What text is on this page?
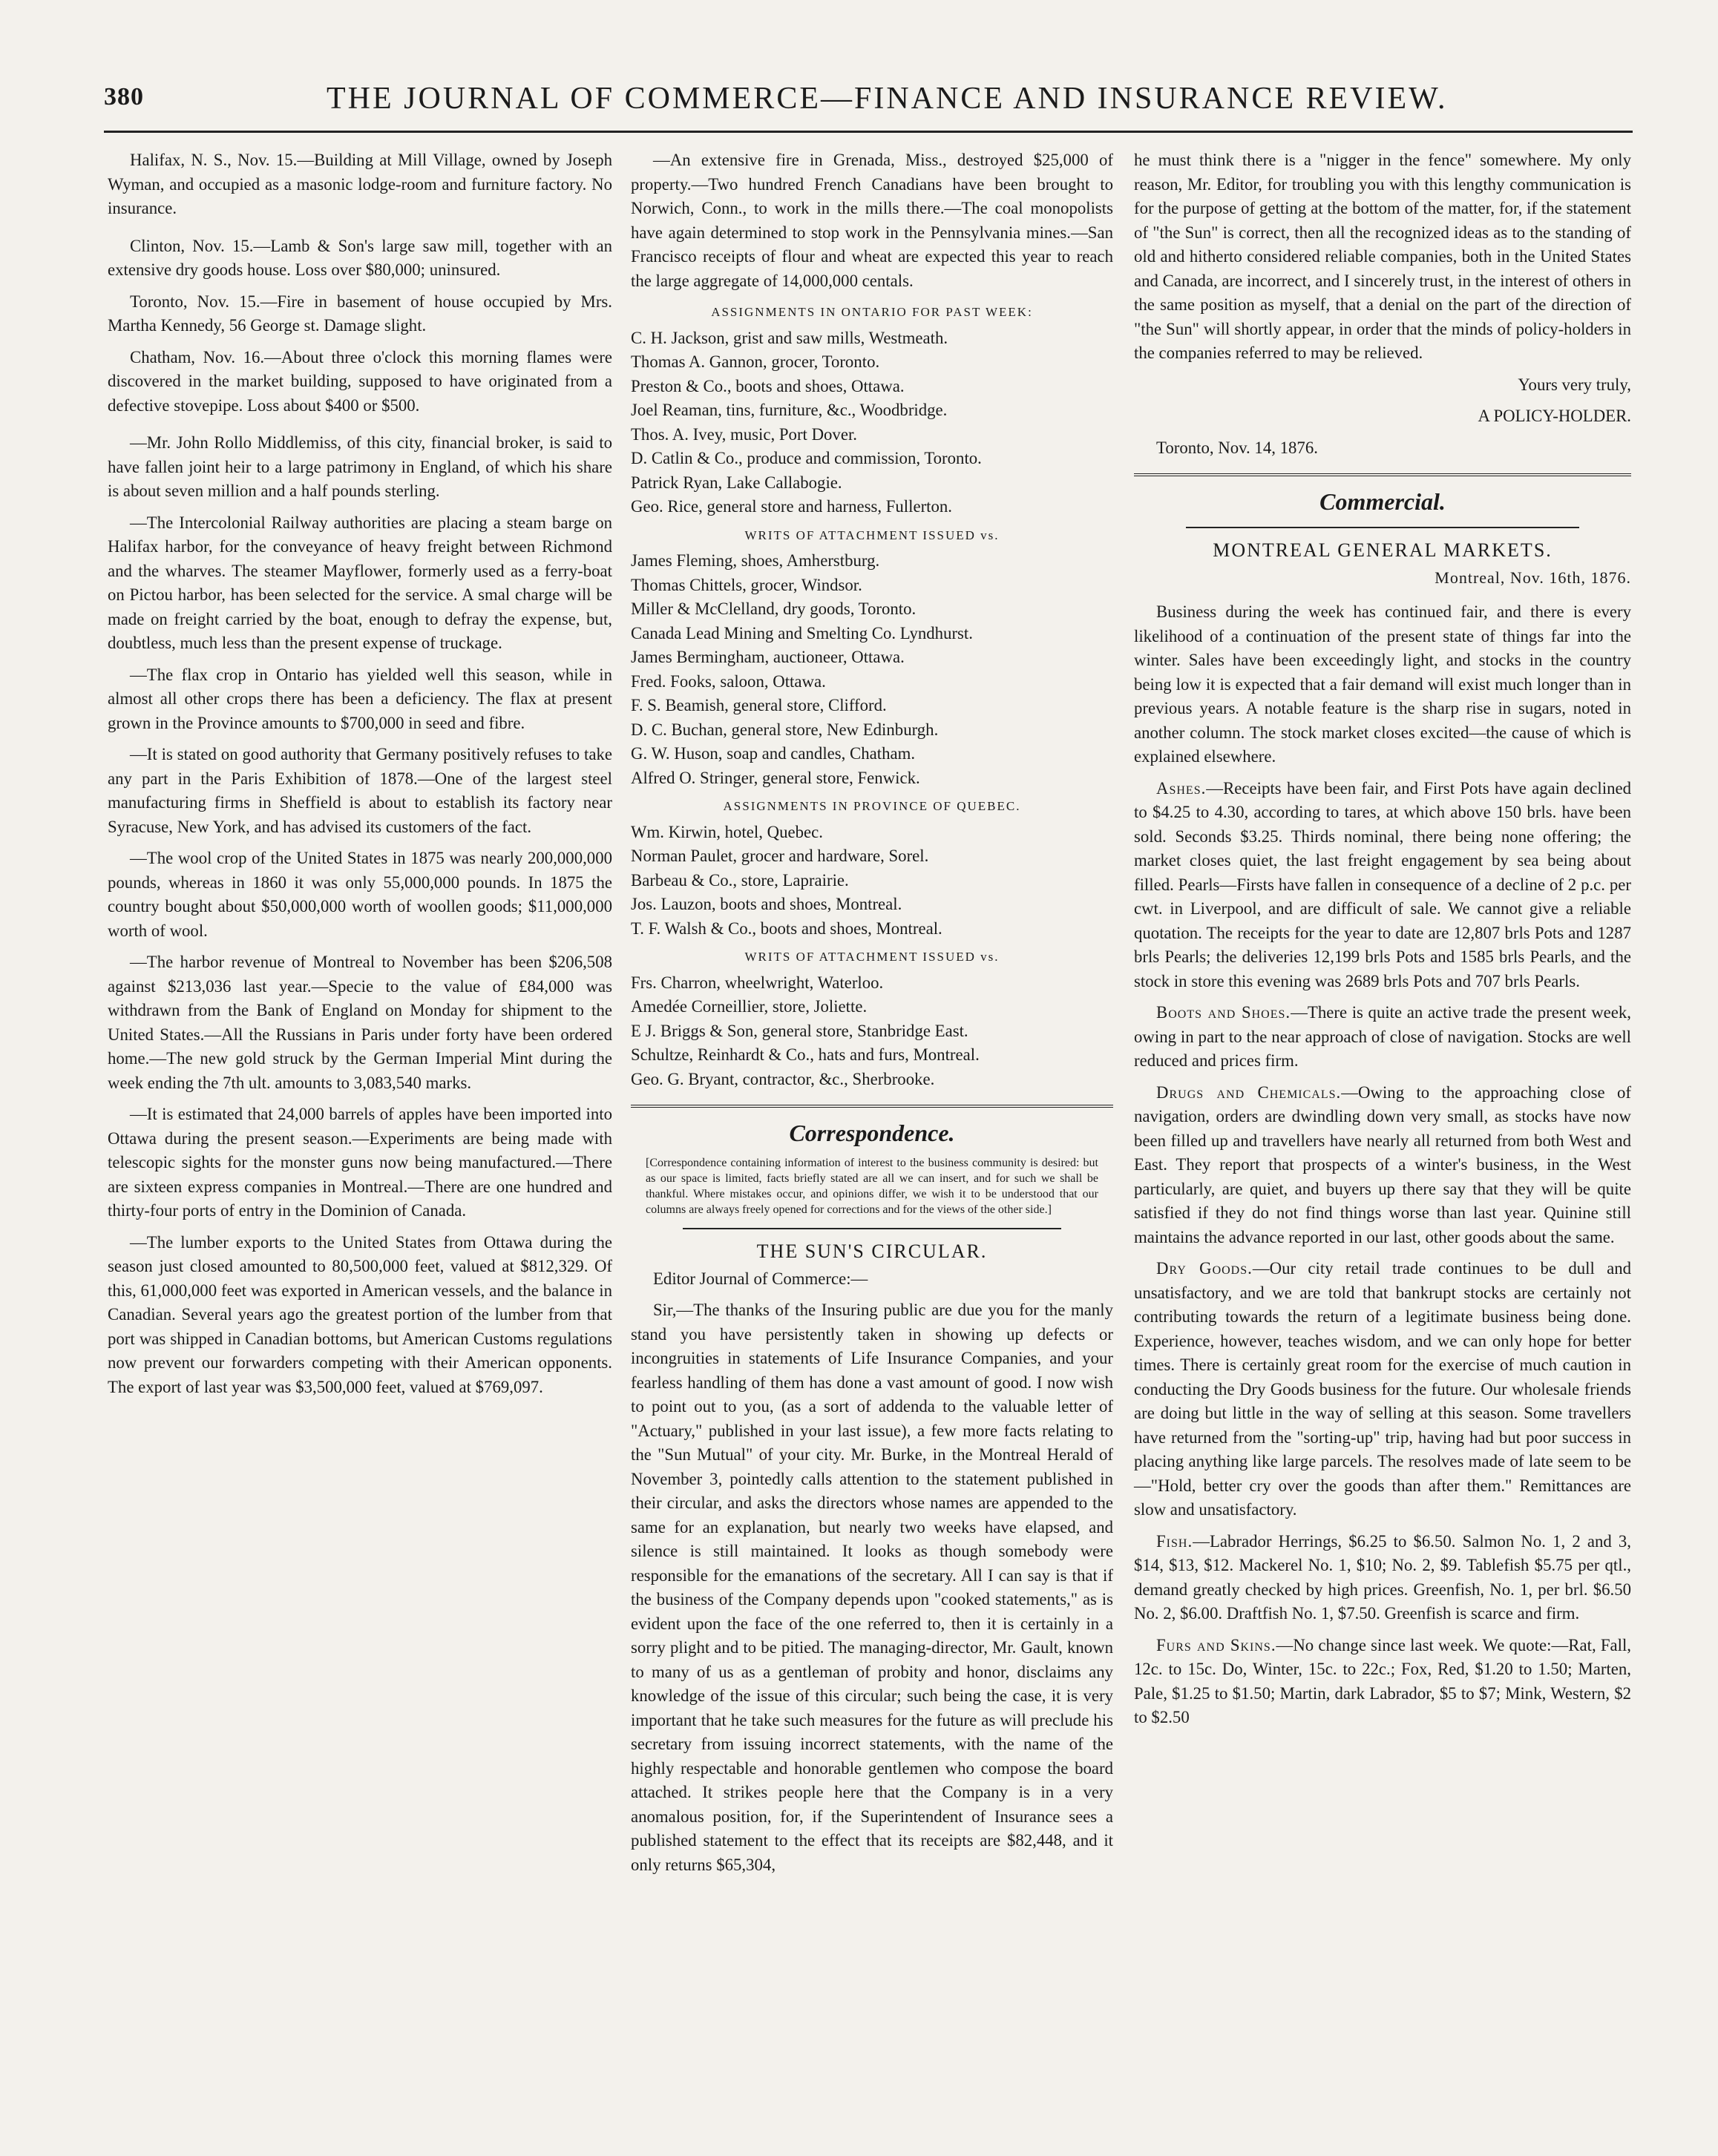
380	THE JOURNAL OF COMMERCE—FINANCE AND INSURANCE REVIEW.

Halifax, N. S., Nov. 15.—Building at Mill Village, owned by Joseph Wyman, and occupied as a masonic lodge-room and furniture factory. No insurance.

Clinton, Nov. 15.—Lamb & Son's large saw mill, together with an extensive dry goods house. Loss over $80,000; uninsured.

Toronto, Nov. 15.—Fire in basement of house occupied by Mrs. Martha Kennedy, 56 George st. Damage slight.

Chatham, Nov. 16.—About three o'clock this morning flames were discovered in the market building, supposed to have originated from a defective stovepipe. Loss about $400 or $500.

—Mr. John Rollo Middlemiss, of this city, financial broker, is said to have fallen joint heir to a large patrimony in England, of which his share is about seven million and a half pounds sterling.

—The Intercolonial Railway authorities are placing a steam barge on Halifax harbor, for the conveyance of heavy freight between Richmond and the wharves. The steamer Mayflower, formerly used as a ferry-boat on Pictou harbor, has been selected for the service. A smal charge will be made on freight carried by the boat, enough to defray the expense, but, doubtless, much less than the present expense of truckage.

—The flax crop in Ontario has yielded well this season, while in almost all other crops there has been a deficiency. The flax at present grown in the Province amounts to $700,000 in seed and fibre.

—It is stated on good authority that Germany positively refuses to take any part in the Paris Exhibition of 1878.—One of the largest steel manufacturing firms in Sheffield is about to establish its factory near Syracuse, New York, and has advised its customers of the fact.

—The wool crop of the United States in 1875 was nearly 200,000,000 pounds, whereas in 1860 it was only 55,000,000 pounds. In 1875 the country bought about $50,000,000 worth of woollen goods; $11,000,000 worth of wool.

—The harbor revenue of Montreal to November has been $206,508 against $213,036 last year.—Specie to the value of £84,000 was withdrawn from the Bank of England on Monday for shipment to the United States.—All the Russians in Paris under forty have been ordered home.—The new gold struck by the German Imperial Mint during the week ending the 7th ult. amounts to 3,083,540 marks.

—It is estimated that 24,000 barrels of apples have been imported into Ottawa during the present season.—Experiments are being made with telescopic sights for the monster guns now being manufactured.—There are sixteen express companies in Montreal.—There are one hundred and thirty-four ports of entry in the Dominion of Canada.

—The lumber exports to the United States from Ottawa during the season just closed amounted to 80,500,000 feet, valued at $812,329. Of this, 61,000,000 feet was exported in American vessels, and the balance in Canadian. Several years ago the greatest portion of the lumber from that port was shipped in Canadian bottoms, but American Customs regulations now prevent our forwarders competing with their American opponents. The export of last year was $3,500,000 feet, valued at $769,097.

—An extensive fire in Grenada, Miss., destroyed $25,000 of property.—Two hundred French Canadians have been brought to Norwich, Conn., to work in the mills there.—The coal monopolists have again determined to stop work in the Pennsylvania mines.—San Francisco receipts of flour and wheat are expected this year to reach the large aggregate of 14,000,000 centals.

ASSIGNMENTS IN ONTARIO FOR PAST WEEK:
C. H. Jackson, grist and saw mills, Westmeath.
Thomas A. Gannon, grocer, Toronto.
Preston & Co., boots and shoes, Ottawa.
Joel Reaman, tins, furniture, &c., Woodbridge.
Thos. A. Ivey, music, Port Dover.
D. Catlin & Co., produce and commission, Toronto.
Patrick Ryan, Lake Callabogie.
Geo. Rice, general store and harness, Fullerton.
WRITS OF ATTACHMENT ISSUED vs.
James Fleming, shoes, Amherstburg.
Thomas Chittels, grocer, Windsor.
Miller & McClelland, dry goods, Toronto.
Canada Lead Mining and Smelting Co. Lyndhurst.
James Bermingham, auctioneer, Ottawa.
Fred. Fooks, saloon, Ottawa.
F. S. Beamish, general store, Clifford.
D. C. Buchan, general store, New Edinburgh.
G. W. Huson, soap and candles, Chatham.
Alfred O. Stringer, general store, Fenwick.
ASSIGNMENTS IN PROVINCE OF QUEBEC.
Wm. Kirwin, hotel, Quebec.
Norman Paulet, grocer and hardware, Sorel.
Barbeau & Co., store, Laprairie.
Jos. Lauzon, boots and shoes, Montreal.
T. F. Walsh & Co., boots and shoes, Montreal.
WRITS OF ATTACHMENT ISSUED vs.
Frs. Charron, wheelwright, Waterloo.
Amedée Corneillier, store, Joliette.
E J. Briggs & Son, general store, Stanbridge East.
Schultze, Reinhardt & Co., hats and furs, Montreal.
Geo. G. Bryant, contractor, &c., Sherbrooke.
Correspondence.
[Correspondence containing information of interest to the business community is desired: but as our space is limited, facts briefly stated are all we can insert, and for such we shall be thankful. Where mistakes occur, and opinions differ, we wish it to be understood that our columns are always freely opened for corrections and for the views of the other side.]
THE SUN'S CIRCULAR.

Editor Journal of Commerce:—

Sir,—The thanks of the Insuring public are due you for the manly stand you have persistently taken in showing up defects or incongruities in statements of Life Insurance Companies, and your fearless handling of them has done a vast amount of good. I now wish to point out to you, (as a sort of addenda to the valuable letter of "Actuary," published in your last issue), a few more facts relating to the "Sun Mutual" of your city. Mr. Burke, in the Montreal Herald of November 3, pointedly calls attention to the statement published in their circular, and asks the directors whose names are appended to the same for an explanation, but nearly two weeks have elapsed, and silence is still maintained. It looks as though somebody were responsible for the emanations of the secretary. All I can say is that if the business of the Company depends upon "cooked statements," as is evident upon the face of the one referred to, then it is certainly in a sorry plight and to be pitied. The managing-director, Mr. Gault, known to many of us as a gentleman of probity and honor, disclaims any knowledge of the issue of this circular; such being the case, it is very important that he take such measures for the future as will preclude his secretary from issuing incorrect statements, with the name of the highly respectable and honorable gentlemen who compose the board attached. It strikes people here that the Company is in a very anomalous position, for, if the Superintendent of Insurance sees a published statement to the effect that its receipts are $82,448, and it only returns $65,304,

he must think there is a "nigger in the fence" somewhere. My only reason, Mr. Editor, for troubling you with this lengthy communication is for the purpose of getting at the bottom of the matter, for, if the statement of "the Sun" is correct, then all the recognized ideas as to the standing of old and hitherto considered reliable companies, both in the United States and Canada, are incorrect, and I sincerely trust, in the interest of others in the same position as myself, that a denial on the part of the direction of "the Sun" will shortly appear, in order that the minds of policy-holders in the companies referred to may be relieved.

Yours very truly,

A POLICY-HOLDER.

Toronto, Nov. 14, 1876.

Commercial.
MONTREAL GENERAL MARKETS.
Montreal, Nov. 16th, 1876.

Business during the week has continued fair, and there is every likelihood of a continuation of the present state of things far into the winter. Sales have been exceedingly light, and stocks in the country being low it is expected that a fair demand will exist much longer than in previous years. A notable feature is the sharp rise in sugars, noted in another column. The stock market closes excited—the cause of which is explained elsewhere.

Ashes.—Receipts have been fair, and First Pots have again declined to $4.25 to 4.30, according to tares, at which above 150 brls. have been sold. Seconds $3.25. Thirds nominal, there being none offering; the market closes quiet, the last freight engagement by sea being about filled. Pearls—Firsts have fallen in consequence of a decline of 2 p.c. per cwt. in Liverpool, and are difficult of sale. We cannot give a reliable quotation. The receipts for the year to date are 12,807 brls Pots and 1287 brls Pearls; the deliveries 12,199 brls Pots and 1585 brls Pearls, and the stock in store this evening was 2689 brls Pots and 707 brls Pearls.

Boots and Shoes.—There is quite an active trade the present week, owing in part to the near approach of close of navigation. Stocks are well reduced and prices firm.

Drugs and Chemicals.—Owing to the approaching close of navigation, orders are dwindling down very small, as stocks have now been filled up and travellers have nearly all returned from both West and East. They report that prospects of a winter's business, in the West particularly, are quiet, and buyers up there say that they will be quite satisfied if they do not find things worse than last year. Quinine still maintains the advance reported in our last, other goods about the same.

Dry Goods.—Our city retail trade continues to be dull and unsatisfactory, and we are told that bankrupt stocks are certainly not contributing towards the return of a legitimate business being done. Experience, however, teaches wisdom, and we can only hope for better times. There is certainly great room for the exercise of much caution in conducting the Dry Goods business for the future. Our wholesale friends are doing but little in the way of selling at this season. Some travellers have returned from the "sorting-up" trip, having had but poor success in placing anything like large parcels. The resolves made of late seem to be—"Hold, better cry over the goods than after them." Remittances are slow and unsatisfactory.

Fish.—Labrador Herrings, $6.25 to $6.50. Salmon No. 1, 2 and 3, $14, $13, $12. Mackerel No. 1, $10; No. 2, $9. Tablefish $5.75 per qtl., demand greatly checked by high prices. Greenfish, No. 1, per brl. $6.50 No. 2, $6.00. Draftfish No. 1, $7.50. Greenfish is scarce and firm.

Furs and Skins.—No change since last week. We quote:—Rat, Fall, 12c. to 15c. Do, Winter, 15c. to 22c.; Fox, Red, $1.20 to 1.50; Marten, Pale, $1.25 to $1.50; Martin, dark Labrador, $5 to $7; Mink, Western, $2 to $2.50
